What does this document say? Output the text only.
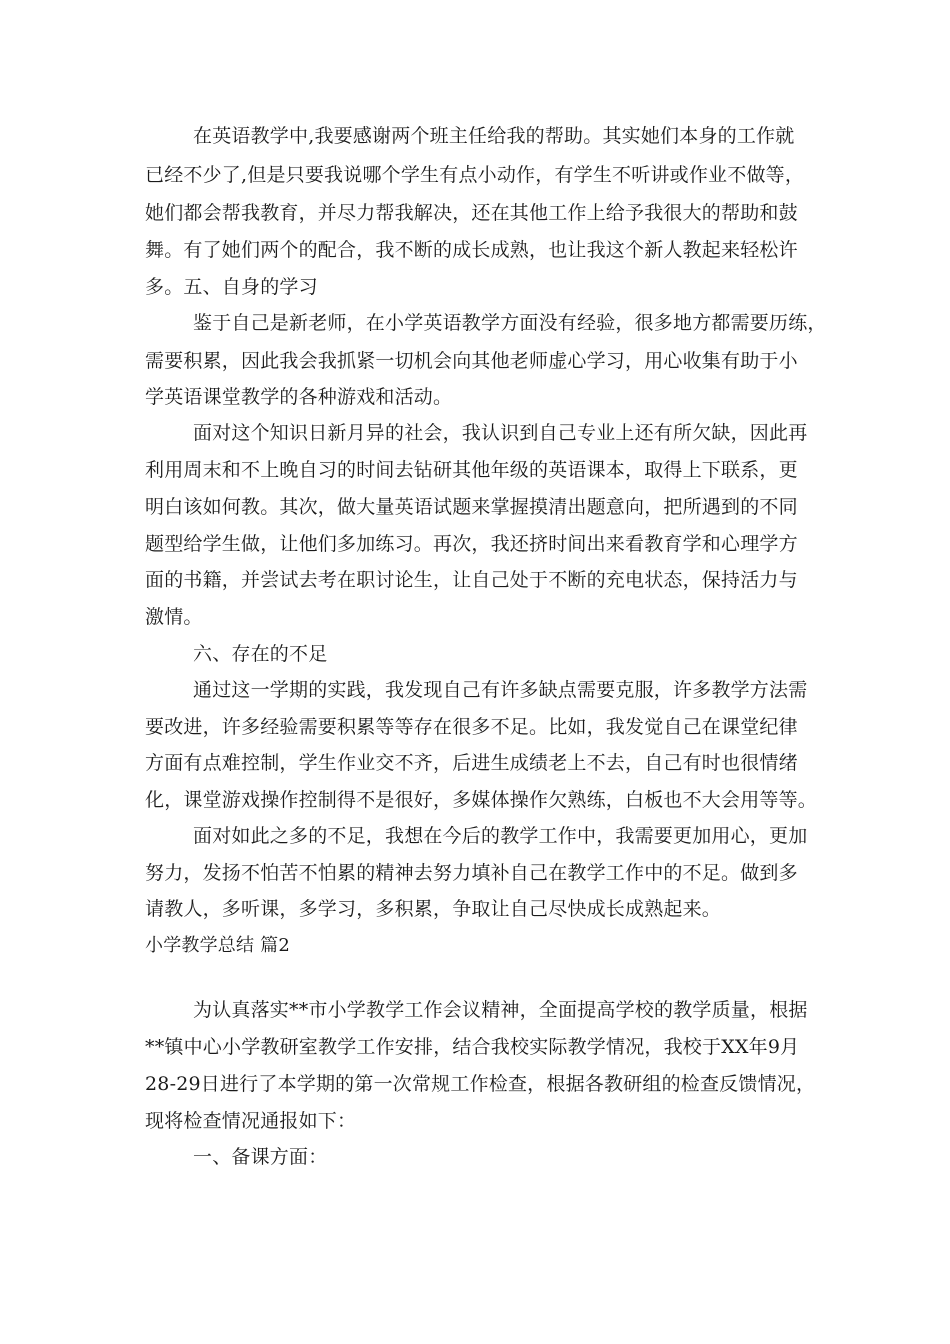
在英语教学中,我要感谢两个班主任给我的帮助。其实她们本身的工作就
已经不少了,但是只要我说哪个学生有点小动作，有学生不听讲或作业不做等，
她们都会帮我教育，并尽力帮我解决，还在其他工作上给予我很大的帮助和鼓
舞。有了她们两个的配合，我不断的成长成熟，也让我这个新人教起来轻松许
多。五、自身的学习
鉴于自己是新老师，在小学英语教学方面没有经验，很多地方都需要历练，
需要积累，因此我会我抓紧一切机会向其他老师虚心学习，用心收集有助于小
学英语课堂教学的各种游戏和活动。
面对这个知识日新月异的社会，我认识到自己专业上还有所欠缺，因此再
利用周末和不上晚自习的时间去钻研其他年级的英语课本，取得上下联系，更
明白该如何教。其次，做大量英语试题来掌握摸清出题意向，把所遇到的不同
题型给学生做，让他们多加练习。再次，我还挤时间出来看教育学和心理学方
面的书籍，并尝试去考在职讨论生，让自己处于不断的充电状态，保持活力与
激情。
六、存在的不足
通过这一学期的实践，我发现自己有许多缺点需要克服，许多教学方法需
要改进，许多经验需要积累等等存在很多不足。比如，我发觉自己在课堂纪律
方面有点难控制，学生作业交不齐，后进生成绩老上不去，自己有时也很情绪
化，课堂游戏操作控制得不是很好，多媒体操作欠熟练，白板也不大会用等等。
面对如此之多的不足，我想在今后的教学工作中，我需要更加用心，更加
努力，发扬不怕苦不怕累的精神去努力填补自己在教学工作中的不足。做到多
请教人，多听课，多学习，多积累，争取让自己尽快成长成熟起来。
小学教学总结 篇2
为认真落实**市小学教学工作会议精神，全面提高学校的教学质量，根据
**镇中心小学教研室教学工作安排，结合我校实际教学情况，我校于XX年9月
28-29日进行了本学期的第一次常规工作检查，根据各教研组的检查反馈情况，
现将检查情况通报如下：
一、备课方面：
